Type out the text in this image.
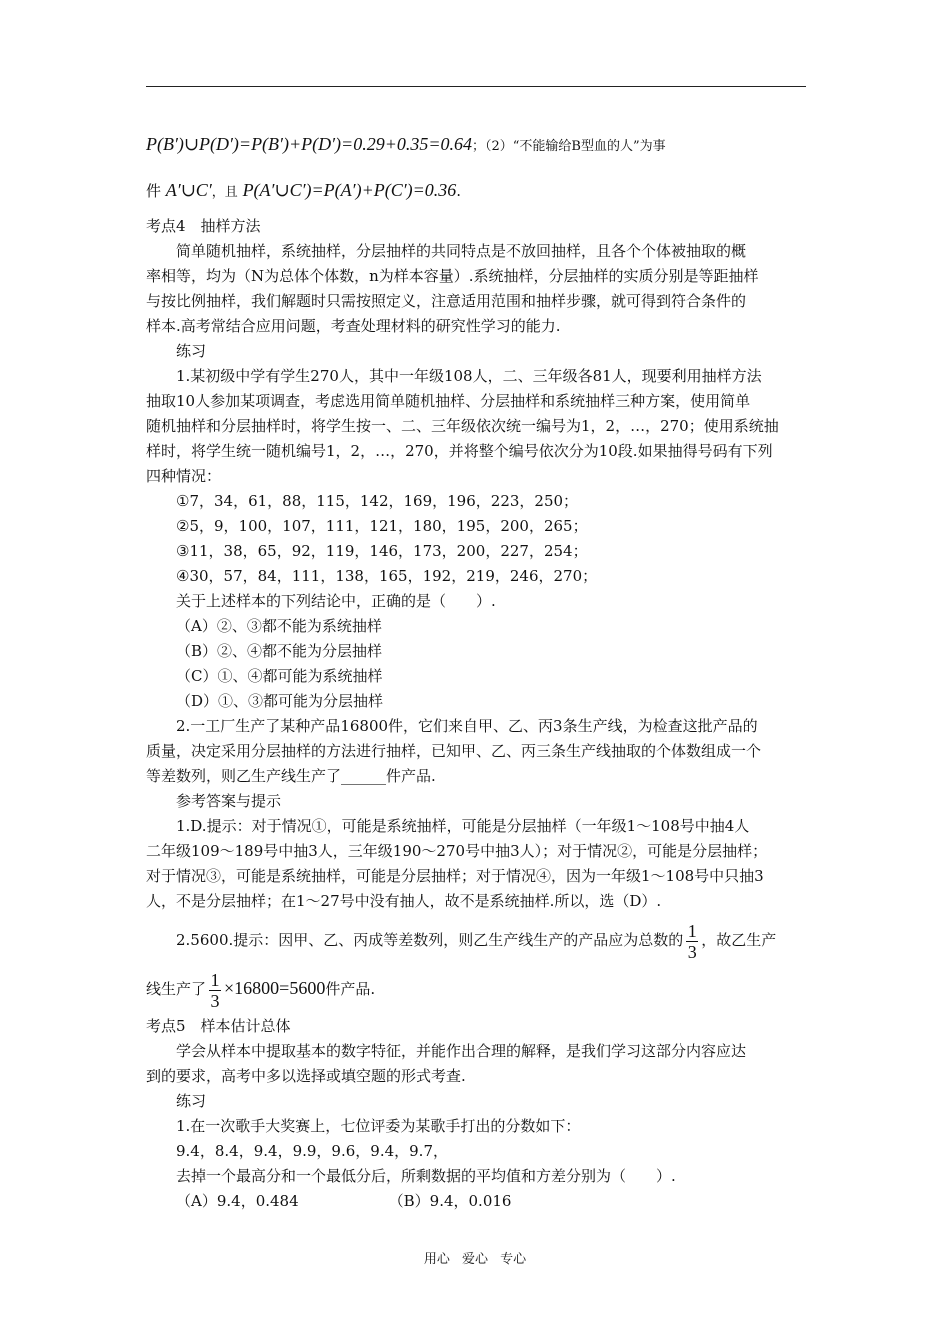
P(B′)∪P(D′)=P(B′)+P(D′)=0.29+0.35=0.64；（2）“不能输给B型血的人”为事
件 A′∪C′，且 P(A′∪C′)=P(A′)+P(C′)=0.36.
考点4　抽样方法
简单随机抽样，系统抽样，分层抽样的共同特点是不放回抽样，且各个个体被抽取的概
率相等，均为（N为总体个体数，n为样本容量）.系统抽样，分层抽样的实质分别是等距抽样
与按比例抽样，我们解题时只需按照定义，注意适用范围和抽样步骤，就可得到符合条件的
样本.高考常结合应用问题，考查处理材料的研究性学习的能力.
练习
1.某初级中学有学生270人，其中一年级108人，二、三年级各81人，现要利用抽样方法
抽取10人参加某项调查，考虑选用简单随机抽样、分层抽样和系统抽样三种方案，使用简单
随机抽样和分层抽样时，将学生按一、二、三年级依次统一编号为1，2，…，270；使用系统抽
样时，将学生统一随机编号1，2，…，270，并将整个编号依次分为10段.如果抽得号码有下列
四种情况：
①7，34，61，88，115，142，169，196，223，250；
②5，9，100，107，111，121，180，195，200，265；
③11，38，65，92，119，146，173，200，227，254；
④30，57，84，111，138，165，192，219，246，270；
关于上述样本的下列结论中，正确的是（　　）.
（A）②、③都不能为系统抽样
（B）②、④都不能为分层抽样
（C）①、④都可能为系统抽样
（D）①、③都可能为分层抽样
2.一工厂生产了某种产品16800件，它们来自甲、乙、丙3条生产线，为检查这批产品的
质量，决定采用分层抽样的方法进行抽样，已知甲、乙、丙三条生产线抽取的个体数组成一个
等差数列，则乙生产线生产了______件产品.
参考答案与提示
1.D.提示：对于情况①，可能是系统抽样，可能是分层抽样（一年级1～108号中抽4人
二年级109～189号中抽3人，三年级190～270号中抽3人）；对于情况②，可能是分层抽样；
对于情况③，可能是系统抽样，可能是分层抽样；对于情况④，因为一年级1～108号中只抽3
人，不是分层抽样；在1～27号中没有抽人，故不是系统抽样.所以，选（D）.
2.5600.提示：因甲、乙、丙成等差数列，则乙生产线生产的产品应为总数的 $\frac{1}{3}$ ，故乙生产
线生产了 $\frac{1}{3} \times 16800=5600$件产品.
考点5　样本估计总体
学会从样本中提取基本的数字特征，并能作出合理的解释，是我们学习这部分内容应达
到的要求，高考中多以选择或填空题的形式考查.
练习
1.在一次歌手大奖赛上，七位评委为某歌手打出的分数如下：
9.4，8.4，9.4，9.9，9.6，9.4，9.7，
去掉一个最高分和一个最低分后，所剩数据的平均值和方差分别为（　　）.
（A）9.4，0.484	（B）9.4，0.016
用心 爱心 专心
